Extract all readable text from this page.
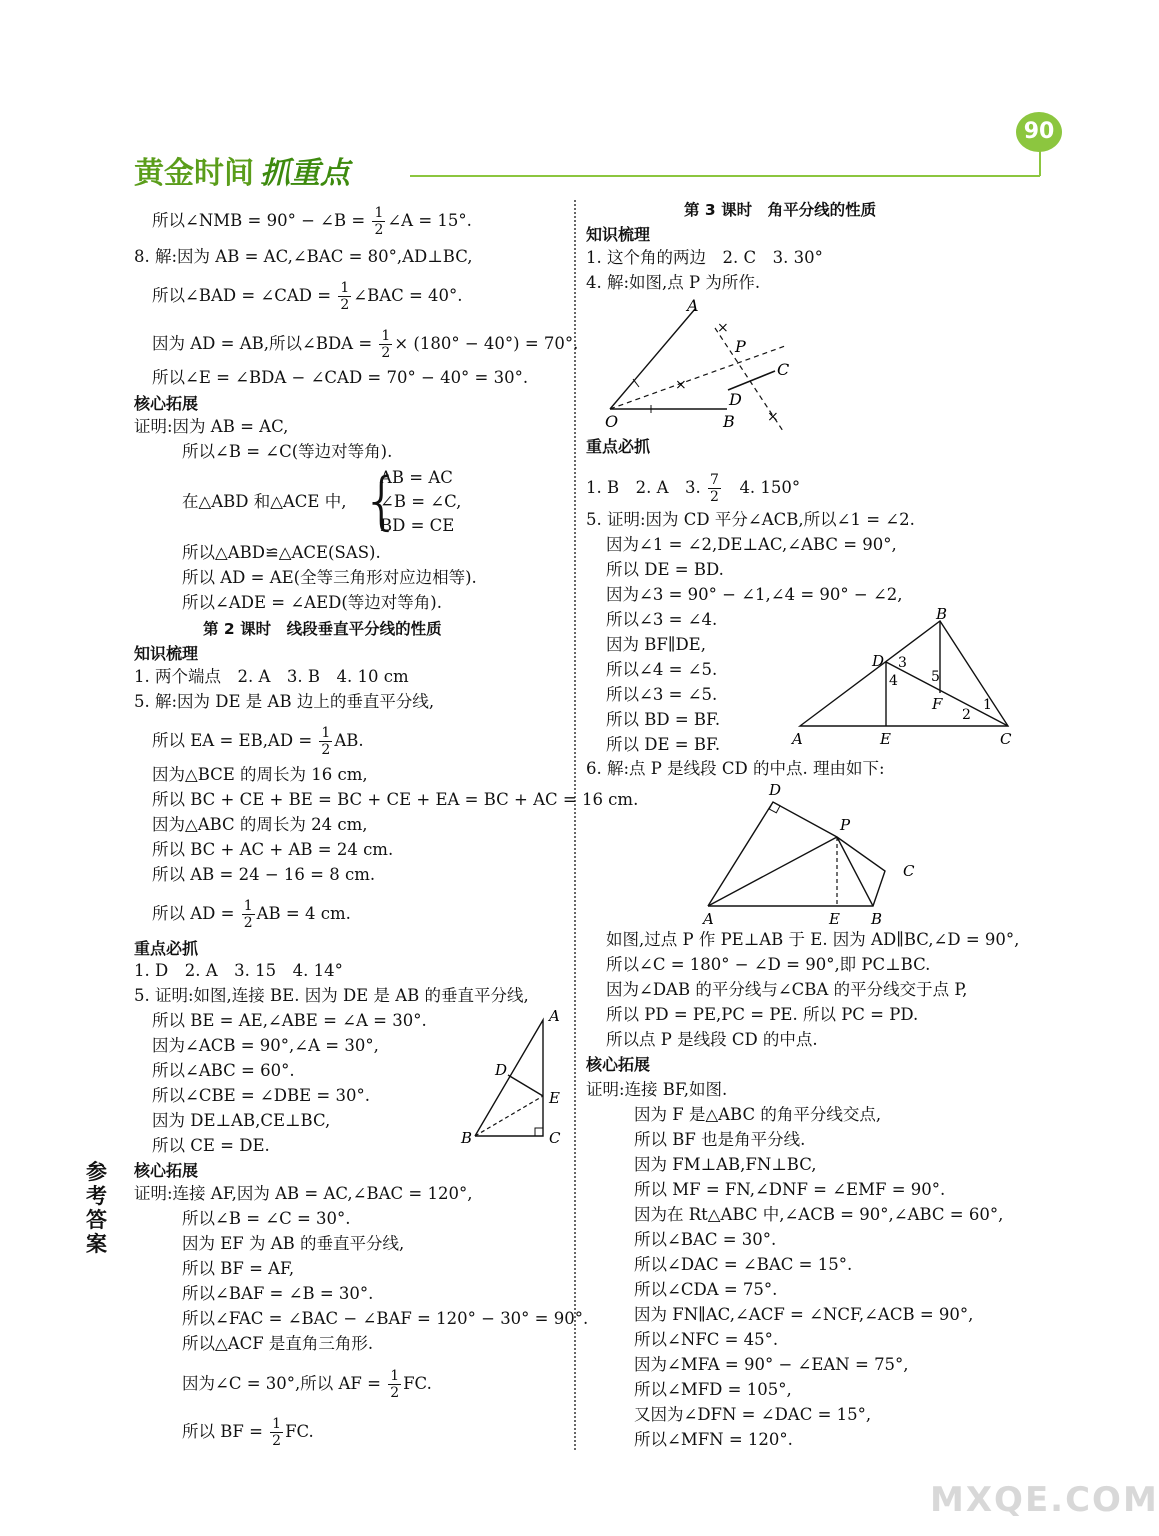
黄金时间 抓重点
90
所以∠NMB = 90° − ∠B = $\frac{1}{2}$ ∠A = 15°.
8. 解:因为 AB = AC,∠BAC = 80°,AD⊥BC,
所以∠BAD = ∠CAD = $\frac{1}{2}$ ∠BAC = 40°.
因为 AD = AB,所以∠BDA = $\frac{1}{2} \times (180^\circ - 40^\circ) = 70^\circ$.
所以∠E = ∠BDA − ∠CAD = 70° − 40° = 30°.
核心拓展
证明:因为 AB = AC,
所以∠B = ∠C(等边对等角).
在△ABD 和△ACE 中, {
AB = AC
∠B = ∠C,
BD = CE
所以△ABD≌△ACE(SAS).
所以 AD = AE(全等三角形对应边相等).
所以∠ADE = ∠AED(等边对等角).
第 2 课时　线段垂直平分线的性质
知识梳理
1. 两个端点　2. A　3. B　4. 10 cm
5. 解:因为 DE 是 AB 边上的垂直平分线,
所以 EA = $EB,AD = \frac{1}{2}$ AB.
因为△BCE 的周长为 16 cm,
所以 BC + CE + BE = BC + CE + EA = BC + AC = 16 cm.
因为△ABC 的周长为 24 cm,
所以 BC + AC + AB = 24 cm.
所以 AB = 24 − 16 = 8 cm.
所以 AD = $\frac{1}{2}$ AB = 4 cm.
重点必抓
1. D　2. A　3. 15　4. 14°
5. 证明:如图,连接 BE. 因为 DE 是 AB 的垂直平分线,
所以 BE = AE,∠ABE = ∠A = 30°.
因为∠ACB = 90°,∠A = 30°,
所以∠ABC = 60°.
所以∠CBE = ∠DBE = 30°.
因为 DE⊥AB,CE⊥BC,
所以 CE = DE.
核心拓展
证明:连接 AF,因为 AB = AC,∠BAC = 120°,
所以∠B = ∠C = 30°.
因为 EF 为 AB 的垂直平分线,
所以 BF = AF,
所以∠BAF = ∠B = 30°.
所以∠FAC = ∠BAC − ∠BAF = 120° − 30° = 90°.
所以△ACF 是直角三角形.
因为∠C = 30°,所以 AF = $\frac{1}{2}$ FC.
所以 BF = $\frac{1}{2}$ FC.
参考答案
A
D
E
B	C
第 3 课时　角平分线的性质
知识梳理
1. 这个角的两边　2. C　3. 30°
4. 解:如图,点 P 为所作.
×
×
×
A
P
C
D
O	B
重点必抓
1. B　2. A　3. $\frac{7}{2}$ 　4. 150°
5. 证明:因为 CD 平分∠ACB,所以∠1 = ∠2.
因为∠1 = ∠2,DE⊥AC,∠ABC = 90°,
所以 DE = BD.
因为∠3 = 90° − ∠1,∠4 = 90° − ∠2,
所以∠3 = ∠4.
因为 BF∥DE,
所以∠4 = ∠5.
所以∠3 = ∠5.
所以 BD = BF.
所以 DE = BF.
B
D 3
5
4
F
2
1
A	E	C
6. 解:点 P 是线段 CD 的中点. 理由如下:
D
P
C
A	E B
如图,过点 P 作 PE⊥AB 于 E. 因为 AD∥BC,∠D = 90°,
所以∠C = 180° − ∠D = 90°,即 PC⊥BC.
因为∠DAB 的平分线与∠CBA 的平分线交于点 P,
所以 PD = PE,PC = PE. 所以 PC = PD.
所以点 P 是线段 CD 的中点.
核心拓展
证明:连接 BF,如图.
因为 F 是△ABC 的角平分线交点,
所以 BF 也是角平分线.
因为 FM⊥AB,FN⊥BC,
所以 MF = FN,∠DNF = ∠EMF = 90°.
因为在 Rt△ABC 中,∠ACB = 90°,∠ABC = 60°,
所以∠BAC = 30°.
所以∠DAC = ∠BAC = 15°.
所以∠CDA = 75°.
因为 FN∥AC,∠ACF = ∠NCF,∠ACB = 90°,
所以∠NFC = 45°.
因为∠MFA = 90° − ∠EAN = 75°,
所以∠MFD = 105°,
又因为∠DFN = ∠DAC = 15°,
所以∠MFN = 120°.
MXQE.COM
